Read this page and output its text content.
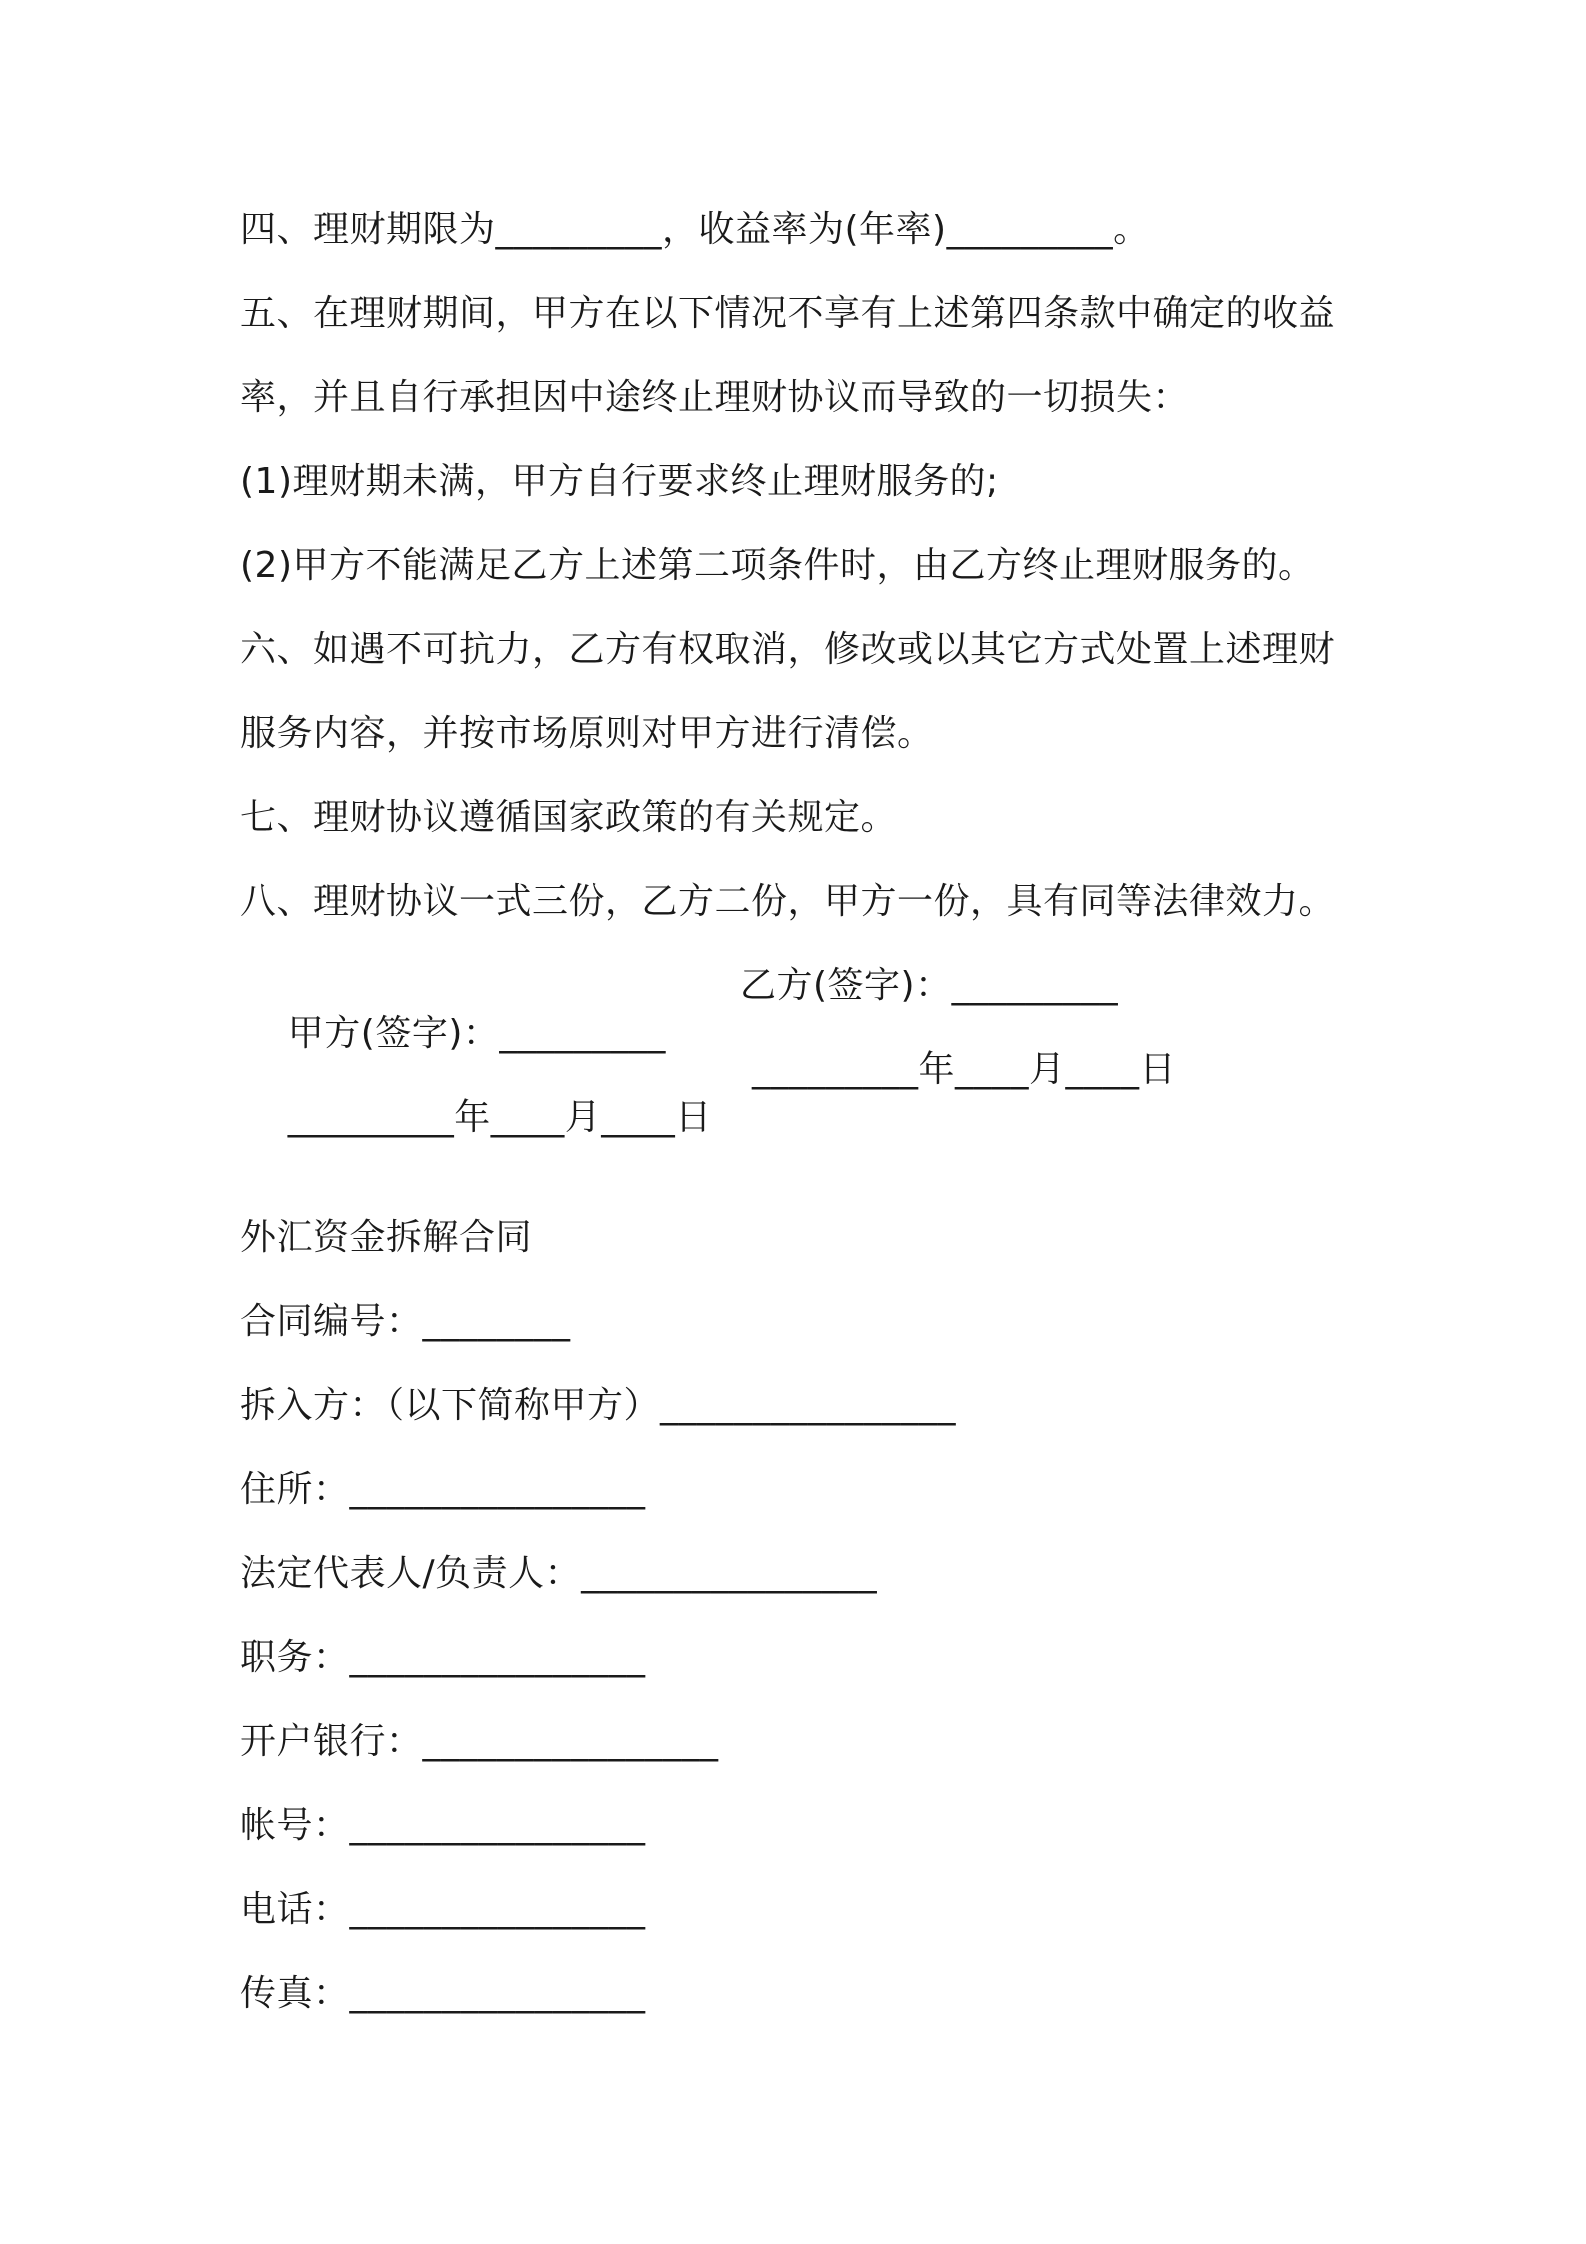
四、理财期限为_________，收益率为(年率)_________。
五、在理财期间，甲方在以下情况不享有上述第四条款中确定的收益
率，并且自行承担因中途终止理财协议而导致的一切损失：
(1)理财期未满，甲方自行要求终止理财服务的;
(2)甲方不能满足乙方上述第二项条件时，由乙方终止理财服务的。
六、如遇不可抗力，乙方有权取消，修改或以其它方式处置上述理财
服务内容，并按市场原则对甲方进行清偿。
七、理财协议遵循国家政策的有关规定。
八、理财协议一式三份，乙方二份，甲方一份，具有同等法律效力。

甲方(签字)：_________

乙方(签字)：_________

_________年____月____日

_________年____月____日

外汇资金拆解合同
合同编号：________
拆入方：（以下简称甲方）________________
住所：________________
法定代表人/负责人：________________
职务：________________
开户银行：________________
帐号：________________
电话：________________
传真：________________
